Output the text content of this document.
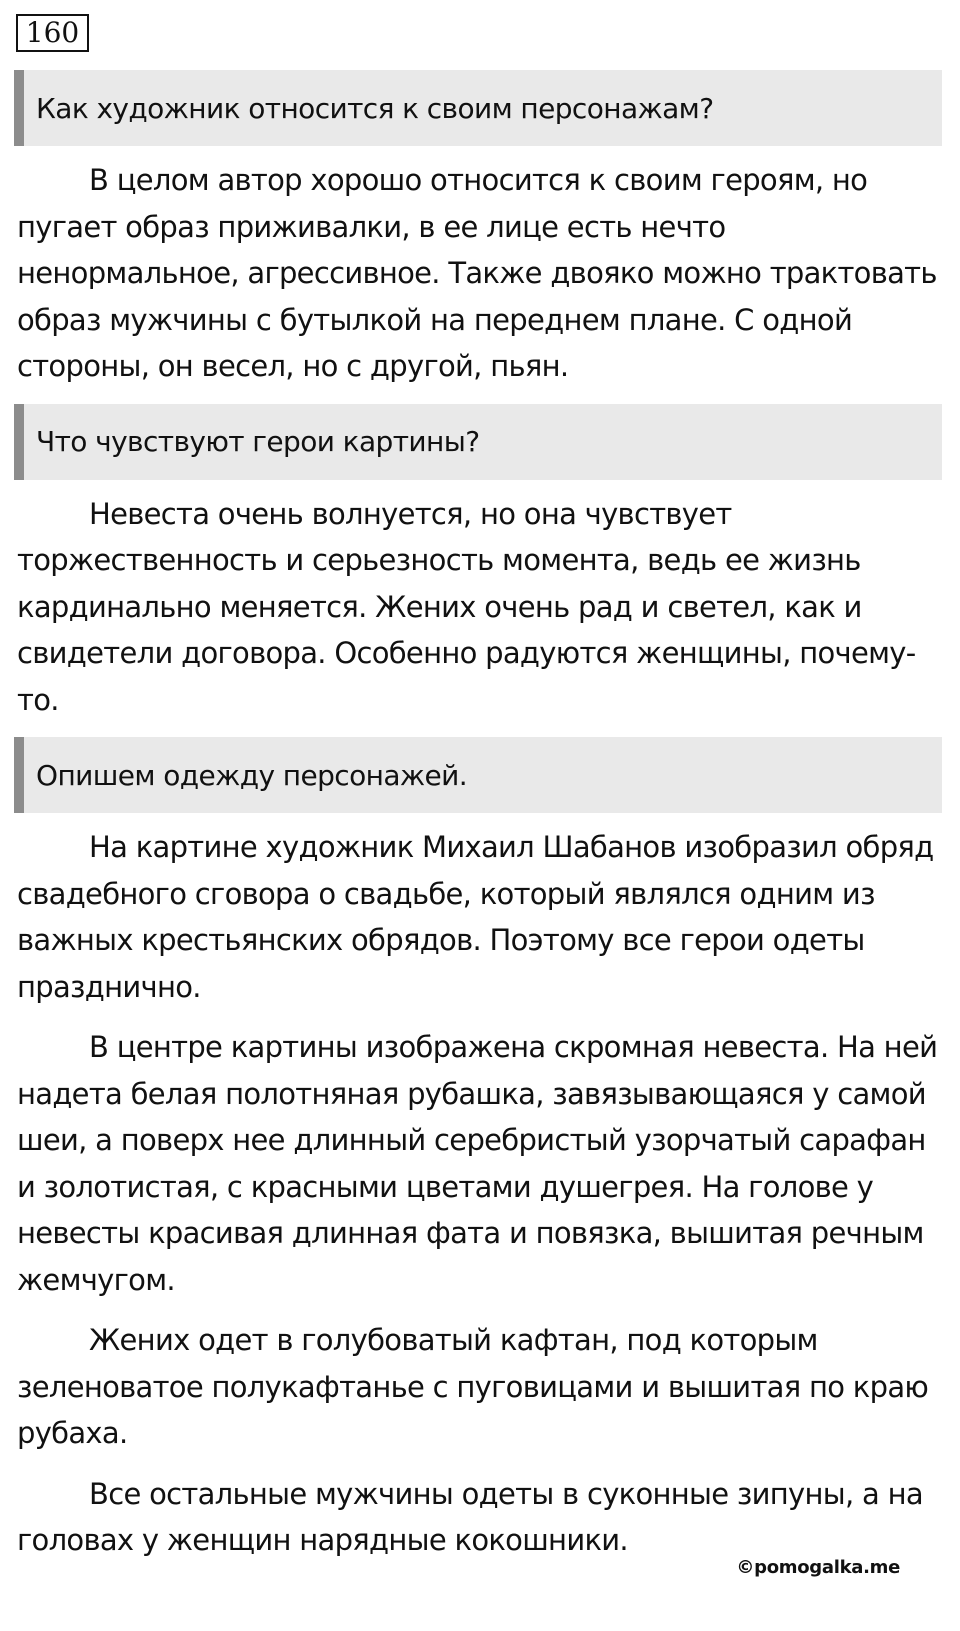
160
Как художник относится к своим персонажам?

В целом автор хорошо относится к своим героям, но пугает образ приживалки, в ее лице есть нечто ненормальное, агрессивное. Также двояко можно трактовать образ мужчины с бутылкой на переднем плане. С одной стороны, он весел, но с другой, пьян.

Что чувствуют герои картины?

Невеста очень волнуется, но она чувствует торжественность и серьезность момента, ведь ее жизнь кардинально меняется. Жених очень рад и светел, как и свидетели договора. Особенно радуются женщины, почему-то.

Опишем одежду персонажей.

На картине художник Михаил Шабанов изобразил обряд свадебного сговора о свадьбе, который являлся одним из важных крестьянских обрядов. Поэтому все герои одеты празднично.

В центре картины изображена скромная невеста. На ней надета белая полотняная рубашка, завязывающаяся у самой шеи, а поверх нее длинный серебристый узорчатый сарафан и золотистая, с красными цветами душегрея. На голове у невесты красивая длинная фата и повязка, вышитая речным жемчугом.

Жених одет в голубоватый кафтан, под которым зеленоватое полукафтанье с пуговицами и вышитая по краю рубаха.

Все остальные мужчины одеты в суконные зипуны, а на головах у женщин нарядные кокошники.

©pomogalka.me
